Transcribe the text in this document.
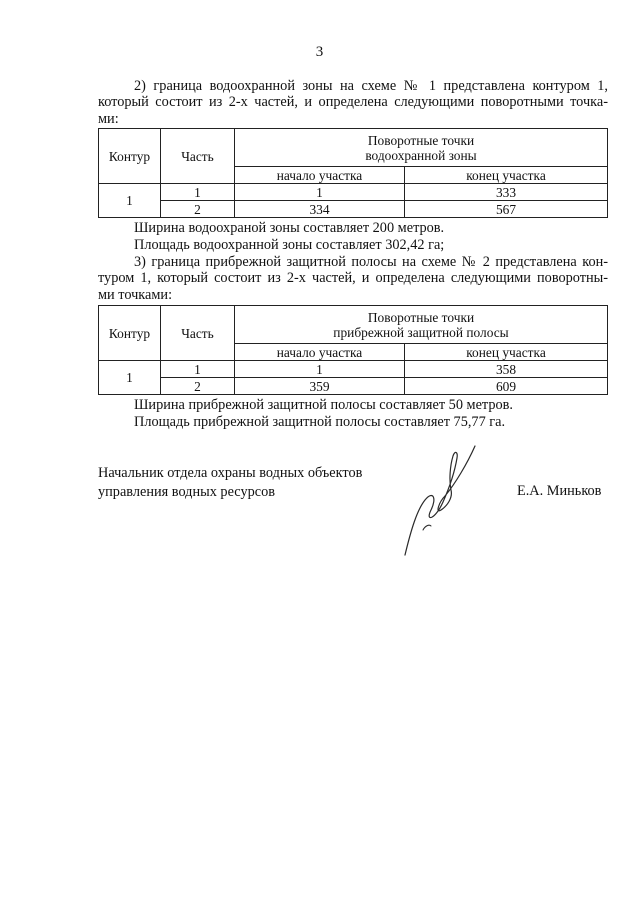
3
2) граница водоохранной зоны на схеме № 1 представлена контуром 1,
который состоит из 2-х частей, и определена следующими поворотными точка-
ми:
Контур	Часть	Поворотные точки
водоохранной зоны	

		начало участка	конец участка
1	1	1	333
	2	334	567
Ширина водоохраной зоны составляет 200 метров.
Площадь водоохранной зоны составляет 302,42 га;
3) граница прибрежной защитной полосы на схеме № 2 представлена кон-
туром 1, который состоит из 2-х частей, и определена следующими поворотны-
ми точками:
Контур	Часть	Поворотные точки
прибрежной защитной полосы	

		начало участка	конец участка
1	1	1	358
	2	359	609
Ширина прибрежной защитной полосы составляет 50 метров.
Площадь прибрежной защитной полосы составляет 75,77 га.
Начальник отдела охраны водных объектов
управления водных ресурсов	Е.А. Миньков
